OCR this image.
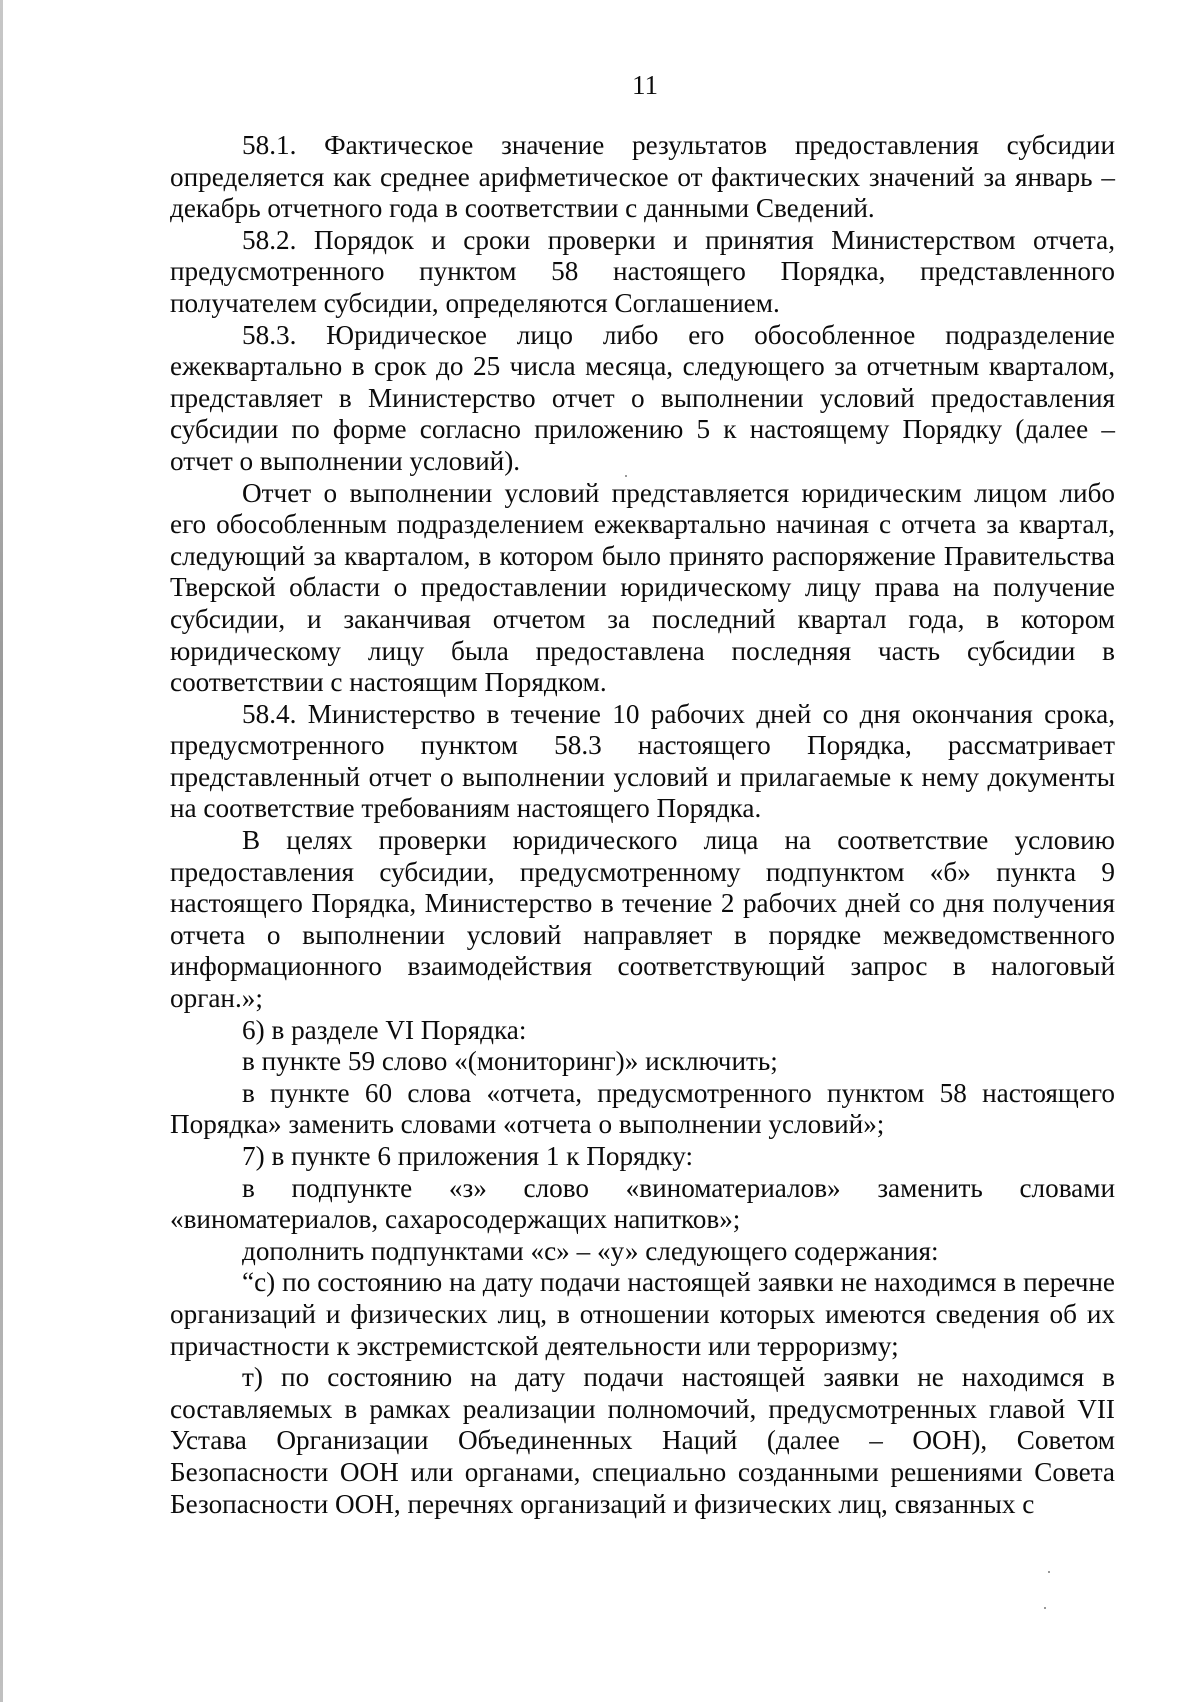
11

58.1. Фактическое значение результатов предоставления субсидии определяется как среднее арифметическое от фактических значений за январь – декабрь отчетного года в соответствии с данными Сведений.

58.2. Порядок и сроки проверки и принятия Министерством отчета, предусмотренного пунктом 58 настоящего Порядка, представленного получателем субсидии, определяются Соглашением.

58.3. Юридическое лицо либо его обособленное подразделение ежеквартально в срок до 25 числа месяца, следующего за отчетным кварталом, представляет в Министерство отчет о выполнении условий предоставления субсидии по форме согласно приложению 5 к настоящему Порядку (далее – отчет о выполнении условий).

Отчет о выполнении условий представляется юридическим лицом либо его обособленным подразделением ежеквартально начиная с отчета за квартал, следующий за кварталом, в котором было принято распоряжение Правительства Тверской области о предоставлении юридическому лицу права на получение субсидии, и заканчивая отчетом за последний квартал года, в котором юридическому лицу была предоставлена последняя часть субсидии в соответствии с настоящим Порядком.

58.4. Министерство в течение 10 рабочих дней со дня окончания срока, предусмотренного пунктом 58.3 настоящего Порядка, рассматривает представленный отчет о выполнении условий и прилагаемые к нему документы на соответствие требованиям настоящего Порядка.

В целях проверки юридического лица на соответствие условию предоставления субсидии, предусмотренному подпунктом «б» пункта 9 настоящего Порядка, Министерство в течение 2 рабочих дней со дня получения отчета о выполнении условий направляет в порядке межведомственного информационного взаимодействия соответствующий запрос в налоговый орган.»;

6) в разделе VI Порядка:

в пункте 59 слово «(мониторинг)» исключить;

в пункте 60 слова «отчета, предусмотренного пунктом 58 настоящего Порядка» заменить словами «отчета о выполнении условий»;

7) в пункте 6 приложения 1 к Порядку:

в подпункте «з» слово «виноматериалов» заменить словами «виноматериалов, сахаросодержащих напитков»;

дополнить подпунктами «с» – «у» следующего содержания:

“с) по состоянию на дату подачи настоящей заявки не находимся в перечне организаций и физических лиц, в отношении которых имеются сведения об их причастности к экстремистской деятельности или терроризму;

т) по состоянию на дату подачи настоящей заявки не находимся в составляемых в рамках реализации полномочий, предусмотренных главой VII Устава Организации Объединенных Наций (далее – ООН), Советом Безопасности ООН или органами, специально созданными решениями Совета Безопасности ООН, перечнях организаций и физических лиц, связанных с
